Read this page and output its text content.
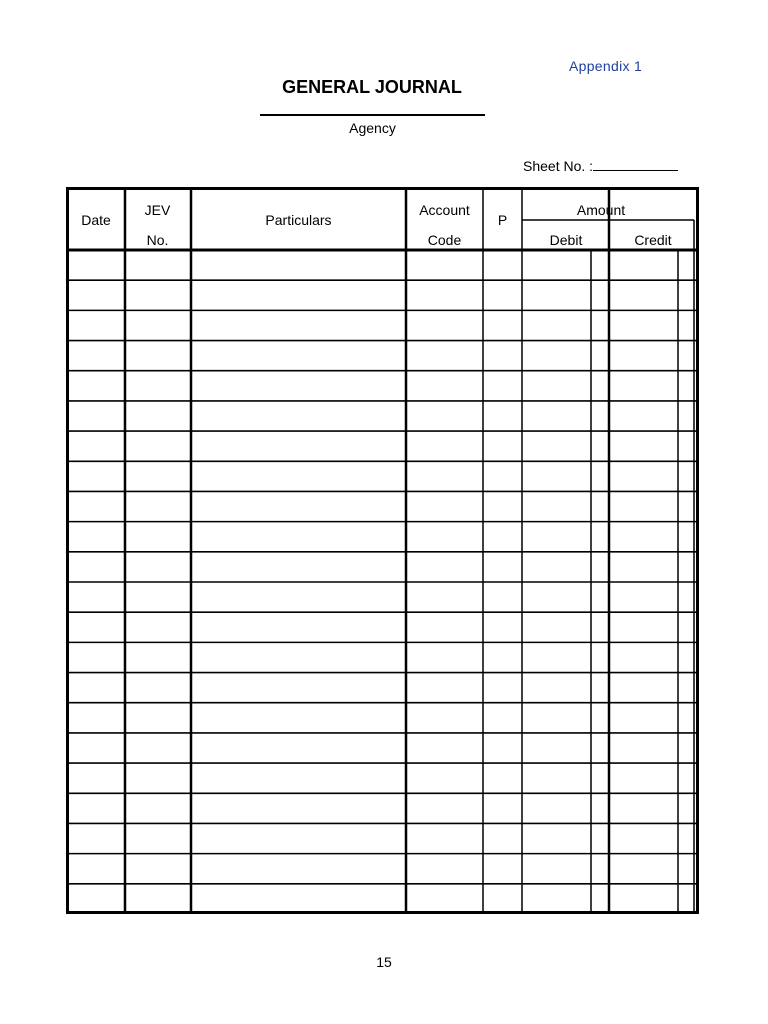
Appendix 1
GENERAL JOURNAL
Agency
Sheet No. :
Date
JEV
No.
Particulars
Account
Code
P
Amount
Debit	Credit
15
